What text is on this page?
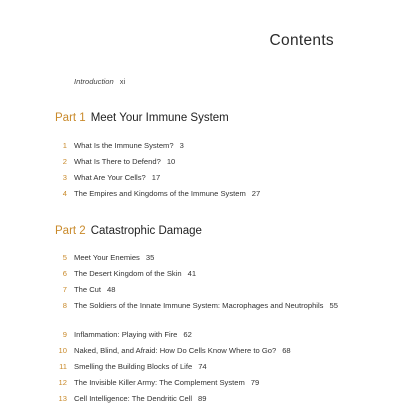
Contents
Introduction xi
Part 1 Meet Your Immune System
Part 2 Catastrophic Damage
1 What Is the Immune System? 3
2 What Is There to Defend? 10
3 What Are Your Cells? 17
4 The Empires and Kingdoms of the Immune System 27
5 Meet Your Enemies 35
6 The Desert Kingdom of the Skin 41
7 The Cut 48
8 The Soldiers of the Innate Immune System: Macrophages and Neutrophils 55
9 Inflammation: Playing with Fire 62
10 Naked, Blind, and Afraid: How Do Cells Know Where to Go? 68
11 Smelling the Building Blocks of Life 74
12 The Invisible Killer Army: The Complement System 79
13 Cell Intelligence: The Dendritic Cell 89
